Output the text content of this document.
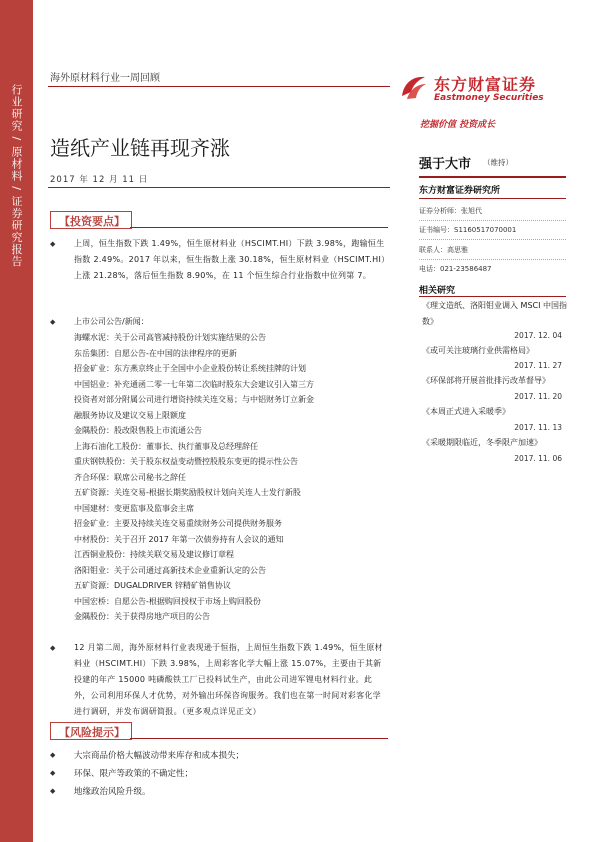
行业研究 / 原材料 / 证券研究报告
海外原材料行业一周回顾
造纸产业链再现齐涨
2017 年 12 月 11 日
东方财富证券
Eastmoney Securities
挖掘价值 投资成长
强于大市 （维持）
东方财富证券研究所
证券分析师：张旭代
证书编号：S1160517070001
联系人：高思雅
电话：021-23586487
相关研究
《理文造纸、洛阳钼业调入 MSCI 中国指数》
2017. 12. 04
《或可关注玻璃行业供需格局》
2017. 11. 27
《环保部将开展首批排污改革督导》
2017. 11. 20
《本周正式进入采暖季》
2017. 11. 13
《采暖期限临近，冬季限产加速》
2017. 11. 06
【投资要点】
◆ 上周，恒生指数下跌 1.49%，恒生原材料业（HSCIMT.HI）下跌 3.98%，跑输恒生指数 2.49%。2017 年以来，恒生指数上涨 30.18%，恒生原材料业（HSCIMT.HI）上涨 21.28%，落后恒生指数 8.90%，在 11 个恒生综合行业指数中位列第 7。
◆ 上市公司公告/新闻：
海螺水泥：关于公司高管减持股份计划实施结果的公告
东岳集团：自愿公告-在中国的法律程序的更新
招金矿业：东方燕京终止于全国中小企业股份转让系统挂牌的计划
中国铝业：补充通函二零一七年第二次临时股东大会建议引入第三方
投资者对部分附属公司进行增资持续关连交易；与中铝财务订立新金
融服务协议及建议交易上限额度
金隅股份：股改限售股上市流通公告
上海石油化工股份：董事长、执行董事及总经理辞任
重庆钢铁股份：关于股东权益变动暨控股股东变更的提示性公告
齐合环保：联席公司秘书之辞任
五矿资源：关连交易-根据长期奖励股权计划向关连人士发行新股
中国建材：变更监事及监事会主席
招金矿业：主要及持续关连交易重续财务公司提供财务服务
中材股份：关于召开 2017 年第一次债券持有人会议的通知
江西铜业股份：持续关联交易及建议修订章程
洛阳钼业：关于公司通过高新技术企业重新认定的公告
五矿资源：DUGALDRIVER 锌精矿销售协议
中国宏桥：自愿公告-根据购回授权于市场上购回股份
金隅股份：关于获得房地产项目的公告
◆ 12 月第二周，海外原材料行业表现逊于恒指，上周恒生指数下跌 1.49%，恒生原材料业（HSCIMT.HI）下跌 3.98%，上周彩客化学大幅上涨 15.07%，主要由于其新投建的年产 15000 吨磷酸铁工厂已投料试生产，由此公司进军锂电材料行业。此外，公司利用环保人才优势，对外输出环保咨询服务。我们也在第一时间对彩客化学进行调研，并发布调研简报。（更多观点详见正文）
【风险提示】
◆ 大宗商品价格大幅波动带来库存和成本损失；
◆ 环保、限产等政策的不确定性；
◆ 地缘政治风险升级。
